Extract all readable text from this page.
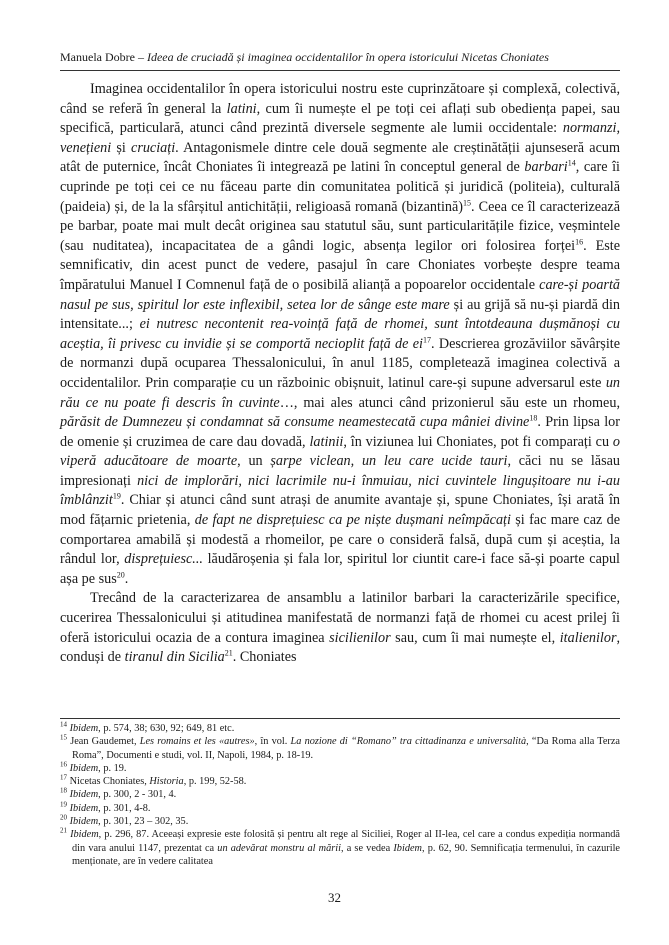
Manuela Dobre – Ideea de cruciadă și imaginea occidentalilor în opera istoricului Nicetas Choniates

Imaginea occidentalilor în opera istoricului nostru este cuprinzătoare și complexă, colectivă, când se referă în general la latini, cum îi numește el pe toți cei aflați sub obediența papei, sau specifică, particulară, atunci când prezintă diversele segmente ale lumii occidentale: normanzi, venețieni și cruciați. Antagonismele dintre cele două segmente ale creștinătății ajunseseră acum atât de puternice, încât Choniates îi integrează pe latini în conceptul general de barbari$^{14}$, care îi cuprinde pe toți cei ce nu făceau parte din comunitatea politică și juridică (politeia), culturală (paideia) și, de la la sfârșitul antichității, religioasă romană (bizantină)$^{15}$. Ceea ce îl caracterizează pe barbar, poate mai mult decât originea sau statutul său, sunt particularitățile fizice, veșmintele (sau nuditatea), incapacitatea de a gândi logic, absența legilor ori folosirea forței$^{16}$. Este semnificativ, din acest punct de vedere, pasajul în care Choniates vorbește despre teama împăratului Manuel I Comnenul față de o posibilă alianță a popoarelor occidentale care-și poartă nasul pe sus, spiritul lor este inflexibil, setea lor de sânge este mare și au grijă să nu-și piardă din intensitate...; ei nutresc necontenit rea-voință față de rhomei, sunt întotdeauna dușmănoși cu aceștia, îi privesc cu invidie și se comportă necioplit față de $ei^{17}$. Descrierea grozăviilor săvârșite de normanzi după ocuparea Thessalonicului, în anul 1185, completează imaginea colectivă a occidentalilor. Prin comparație cu un războinic obișnuit, latinul care-și supune adversarul este un rău ce nu poate fi descris în cuvinte…, mai ales atunci când prizonierul său este un rhomeu, părăsit de Dumnezeu și condamnat să consume neamestecată cupa mâniei divine$^{18}$. Prin lipsa lor de omenie și cruzimea de care dau dovadă, latinii, în viziunea lui Choniates, pot fi comparați cu o viperă aducătoare de moarte, un șarpe viclean, un leu care ucide tauri, căci nu se lăsau impresionați nici de implorări, nici lacrimile nu-i înmuiau, nici cuvintele lingușitoare nu i-au îmblânzit$^{19}$. Chiar și atunci când sunt atrași de anumite avantaje și, spune Choniates, își arată în mod fățarnic prietenia, de fapt ne disprețuiesc ca pe niște dușmani neîmpăcați și fac mare caz de comportarea amabilă și modestă a rhomeilor, pe care o consideră falsă, după cum și aceștia, la rândul lor, disprețuiesc... lăudăroșenia și fala lor, spiritul lor ciuntit care-i face să-și poarte capul așa pe sus$^{20}$.

Trecând de la caracterizarea de ansamblu a latinilor barbari la caracterizările specifice, cucerirea Thessalonicului și atitudinea manifestată de normanzi față de rhomei cu acest prilej îi oferă istoricului ocazia de a contura imaginea sicilienilor sau, cum îi mai numește el, italienilor, conduși de tiranul din Sicilia$^{21}$. Choniates

$^{14}$ Ibidem, p. 574, 38; 630, 92; 649, 81 etc.

$^{15}$ Jean Gaudemet, Les romains et les «autres», în vol. La nozione di “Romano” tra cittadinanza e universalità, “Da Roma alla Terza Roma”, Documenti e studi, vol. II, Napoli, 1984, p. 18-19.

$^{16}$ Ibidem, p. 19.

$^{17}$ Nicetas Choniates, Historia, p. 199, 52-58.

$^{18}$ Ibidem, p. 300, 2 - 301, 4.

$^{19}$ Ibidem, p. 301, 4-8.

$^{20}$ Ibidem, p. 301, 23 – 302, 35.

$^{21}$ Ibidem, p. 296, 87. Aceeași expresie este folosită și pentru alt rege al Siciliei, Roger al II-lea, cel care a condus expediția normandă din vara anului 1147, prezentat ca un adevărat monstru al mării, a se vedea Ibidem, p. 62, 90. Semnificația termenului, în cazurile menționate, are în vedere calitatea

32
